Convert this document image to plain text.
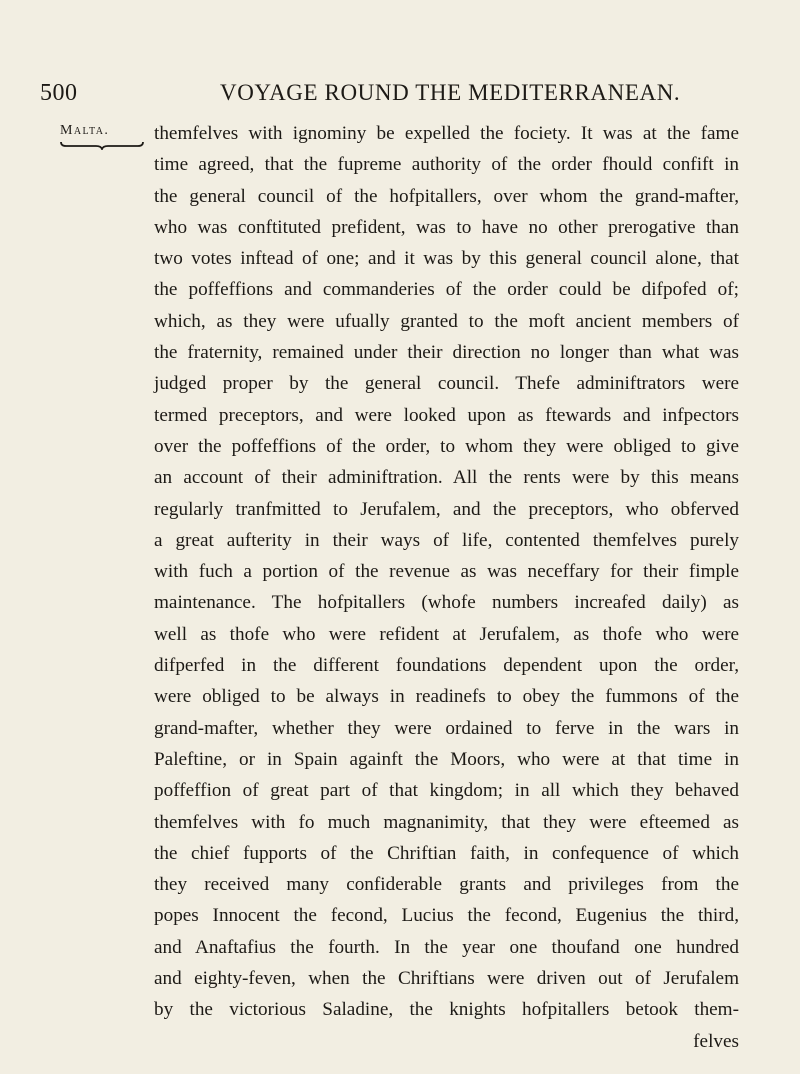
500	VOYAGE ROUND THE MEDITERRANEAN.
Malta. themfelves with ignominy be expelled the fociety. It was at the fame
time agreed, that the fupreme authority of the order fhould confift in
the general council of the hofpitallers, over whom the grand-mafter,
who was conftituted prefident, was to have no other prerogative than
two votes inftead of one; and it was by this general council alone, that
the poffeffions and commanderies of the order could be difpofed of;
which, as they were ufually granted to the moft ancient members of
the fraternity, remained under their direction no longer than what was
judged proper by the general council. Thefe adminiftrators were
termed preceptors, and were looked upon as ftewards and infpectors
over the poffeffions of the order, to whom they were obliged to give
an account of their adminiftration. All the rents were by this means
regularly tranfmitted to Jerufalem, and the preceptors, who obferved
a great aufterity in their ways of life, contented themfelves purely
with fuch a portion of the revenue as was neceffary for their fimple
maintenance. The hofpitallers (whofe numbers increafed daily) as
well as thofe who were refident at Jerufalem, as thofe who were
difperfed in the different foundations dependent upon the order,
were obliged to be always in readinefs to obey the fummons of the
grand-mafter, whether they were ordained to ferve in the wars in
Paleftine, or in Spain againft the Moors, who were at that time in
poffeffion of great part of that kingdom; in all which they behaved
themfelves with fo much magnanimity, that they were efteemed as
the chief fupports of the Chriftian faith, in confequence of which
they received many confiderable grants and privileges from the
popes Innocent the fecond, Lucius the fecond, Eugenius the third,
and Anaftafius the fourth. In the year one thoufand one hundred
and eighty-feven, when the Chriftians were driven out of Jerufalem
by the victorious Saladine, the knights hofpitallers betook them-
felves
